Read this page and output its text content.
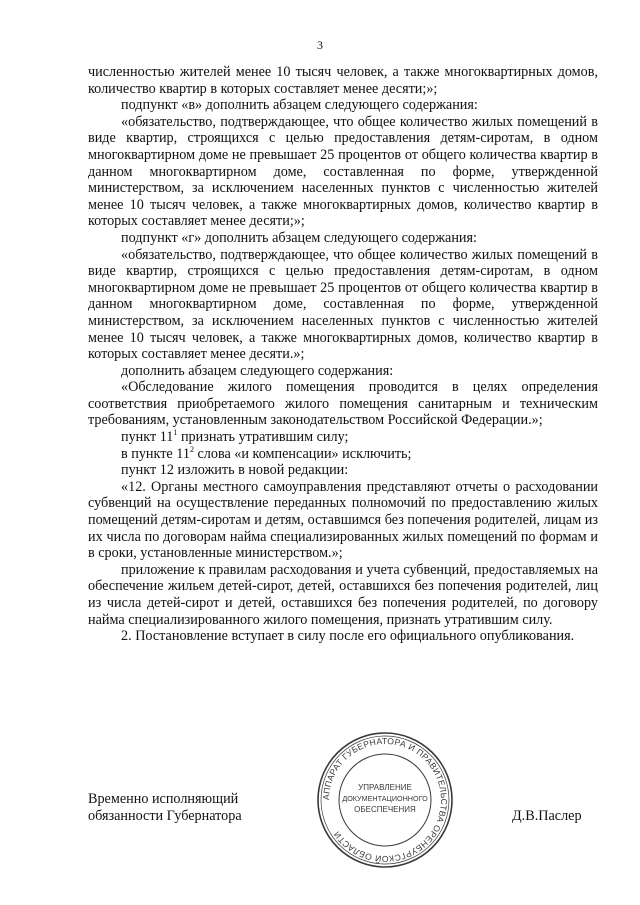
3

численностью жителей менее 10 тысяч человек, а также многоквартирных домов, количество квартир в которых составляет менее десяти;»;

подпункт «в» дополнить абзацем следующего содержания:

«обязательство, подтверждающее, что общее количество жилых помещений в виде квартир, строящихся с целью предоставления детям-сиротам, в одном многоквартирном доме не превышает 25 процентов от общего количества квартир в данном многоквартирном доме, составленная по форме, утвержденной министерством, за исключением населенных пунктов с численностью жителей менее 10 тысяч человек, а также многоквартирных домов, количество квартир в которых составляет менее десяти;»;

подпункт «г» дополнить абзацем следующего содержания:

«обязательство, подтверждающее, что общее количество жилых помещений в виде квартир, строящихся с целью предоставления детям-сиротам, в одном многоквартирном доме не превышает 25 процентов от общего количества квартир в данном многоквартирном доме, составленная по форме, утвержденной министерством, за исключением населенных пунктов с численностью жителей менее 10 тысяч человек, а также многоквартирных домов, количество квартир в которых составляет менее десяти.»;

дополнить абзацем следующего содержания:

«Обследование жилого помещения проводится в целях определения соответствия приобретаемого жилого помещения санитарным и техническим требованиям, установленным законодательством Российской Федерации.»;

пункт $11^1$ признать утратившим силу;

в пункте $11^2$ слова «и компенсации» исключить;

пункт 12 изложить в новой редакции:

«12. Органы местного самоуправления представляют отчеты о расходовании субвенций на осуществление переданных полномочий по предоставлению жилых помещений детям-сиротам и детям, оставшимся без попечения родителей, лицам из их числа по договорам найма специализированных жилых помещений по формам и в сроки, установленные министерством.»;

приложение к правилам расходования и учета субвенций, предоставляемых на обеспечение жильем детей-сирот, детей, оставшихся без попечения родителей, лиц из числа детей-сирот и детей, оставшихся без попечения родителей, по договору найма специализированного жилого помещения, признать утратившим силу.

2. Постановление вступает в силу после его официального опубликования.

Временно исполняющий
обязанности Губернатора	Д.В.Паслер
АППАРАТ ГУБЕРНАТОРА И ПРАВИТЕЛЬСТВА ОРЕНБУРГСКОЙ ОБЛАСТИ
УПРАВЛЕНИЕ
ДОКУМЕНТАЦИОННОГО
ОБЕСПЕЧЕНИЯ
